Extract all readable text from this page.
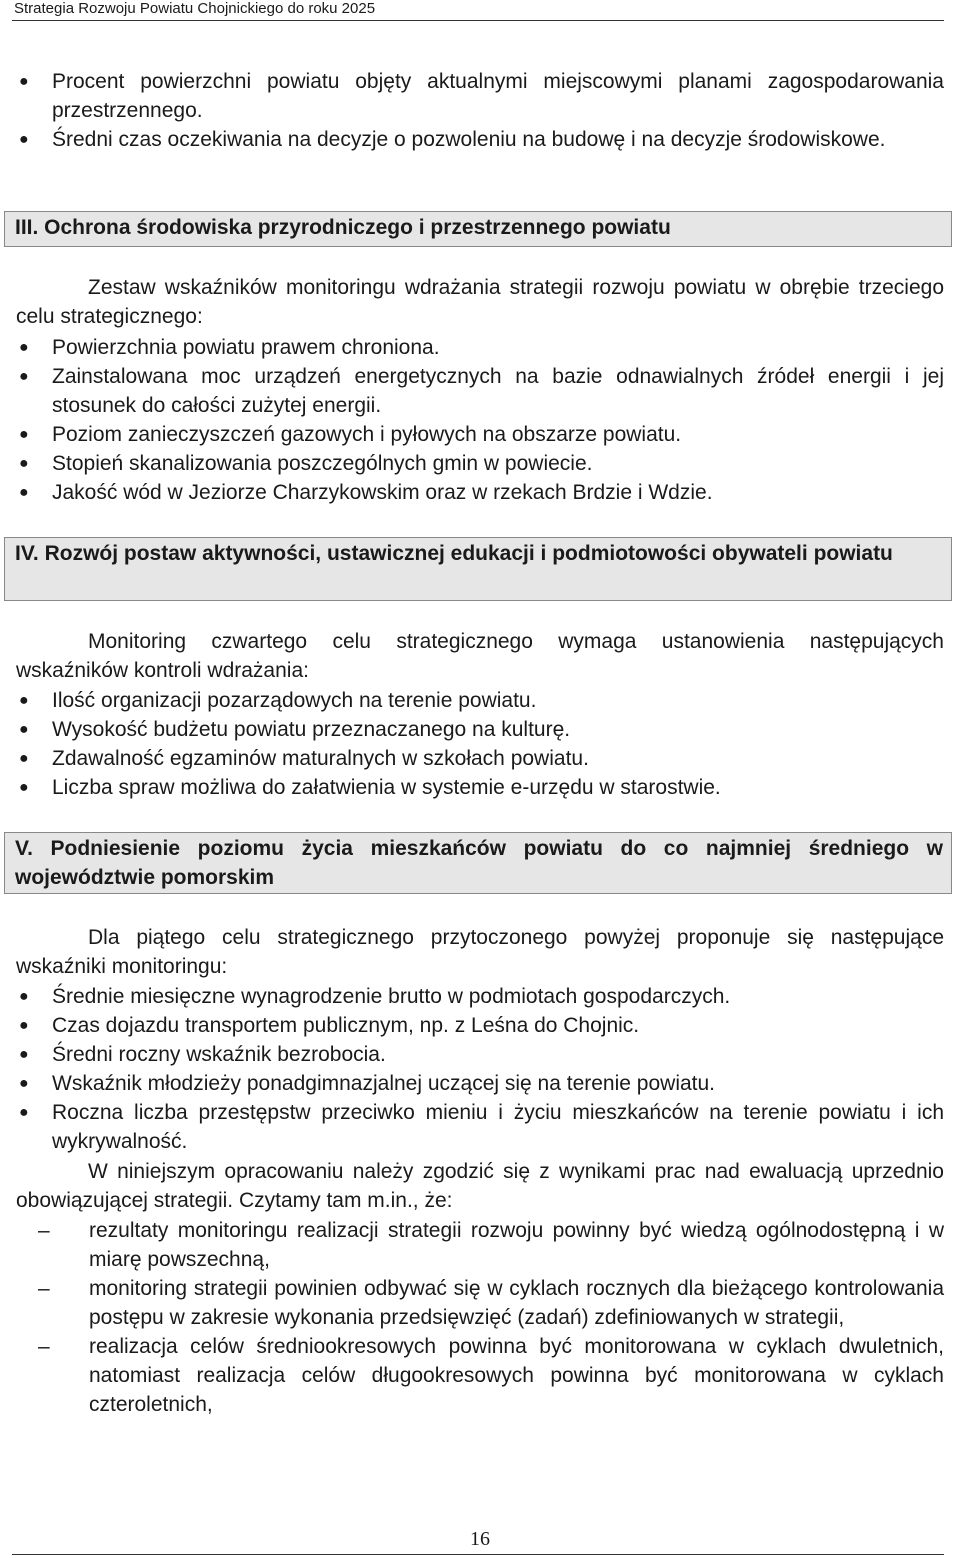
Strategia Rozwoju Powiatu Chojnickiego do roku 2025
● Procent powierzchni powiatu objęty aktualnymi miejscowymi planami zagospodarowania przestrzennego.
● Średni czas oczekiwania na decyzje o pozwoleniu na budowę i na decyzje środowiskowe.
III. Ochrona środowiska przyrodniczego i przestrzennego powiatu
Zestaw wskaźników monitoringu wdrażania strategii rozwoju powiatu w obrębie trzeciego celu strategicznego:
● Powierzchnia powiatu prawem chroniona.
● Zainstalowana moc urządzeń energetycznych na bazie odnawialnych źródeł energii i jej stosunek do całości zużytej energii.
● Poziom zanieczyszczeń gazowych i pyłowych na obszarze powiatu.
● Stopień skanalizowania poszczególnych gmin w powiecie.
● Jakość wód w Jeziorze Charzykowskim oraz w rzekach Brdzie i Wdzie.
IV. Rozwój postaw aktywności, ustawicznej edukacji i podmiotowości obywateli powiatu
Monitoring czwartego celu strategicznego wymaga ustanowienia następujących wskaźników kontroli wdrażania:
● Ilość organizacji pozarządowych na terenie powiatu.
● Wysokość budżetu powiatu przeznaczanego na kulturę.
● Zdawalność egzaminów maturalnych w szkołach powiatu.
● Liczba spraw możliwa do załatwienia w systemie e-urzędu w starostwie.
V. Podniesienie poziomu życia mieszkańców powiatu do co najmniej średniego w województwie pomorskim
Dla piątego celu strategicznego przytoczonego powyżej proponuje się następujące wskaźniki monitoringu:
● Średnie miesięczne wynagrodzenie brutto w podmiotach gospodarczych.
● Czas dojazdu transportem publicznym, np. z Leśna do Chojnic.
● Średni roczny wskaźnik bezrobocia.
● Wskaźnik młodzieży ponadgimnazjalnej uczącej się na terenie powiatu.
● Roczna liczba przestępstw przeciwko mieniu i życiu mieszkańców na terenie powiatu i ich wykrywalność.
W niniejszym opracowaniu należy zgodzić się z wynikami prac nad ewaluacją uprzednio obowiązującej strategii. Czytamy tam m.in., że:
– rezultaty monitoringu realizacji strategii rozwoju powinny być wiedzą ogólnodostępną i w miarę powszechną,
– monitoring strategii powinien odbywać się w cyklach rocznych dla bieżącego kontrolowania postępu w zakresie wykonania przedsięwzięć (zadań) zdefiniowanych w strategii,
– realizacja celów średniookresowych powinna być monitorowana w cyklach dwuletnich, natomiast realizacja celów długookresowych powinna być monitorowana w cyklach czteroletnich,
16
